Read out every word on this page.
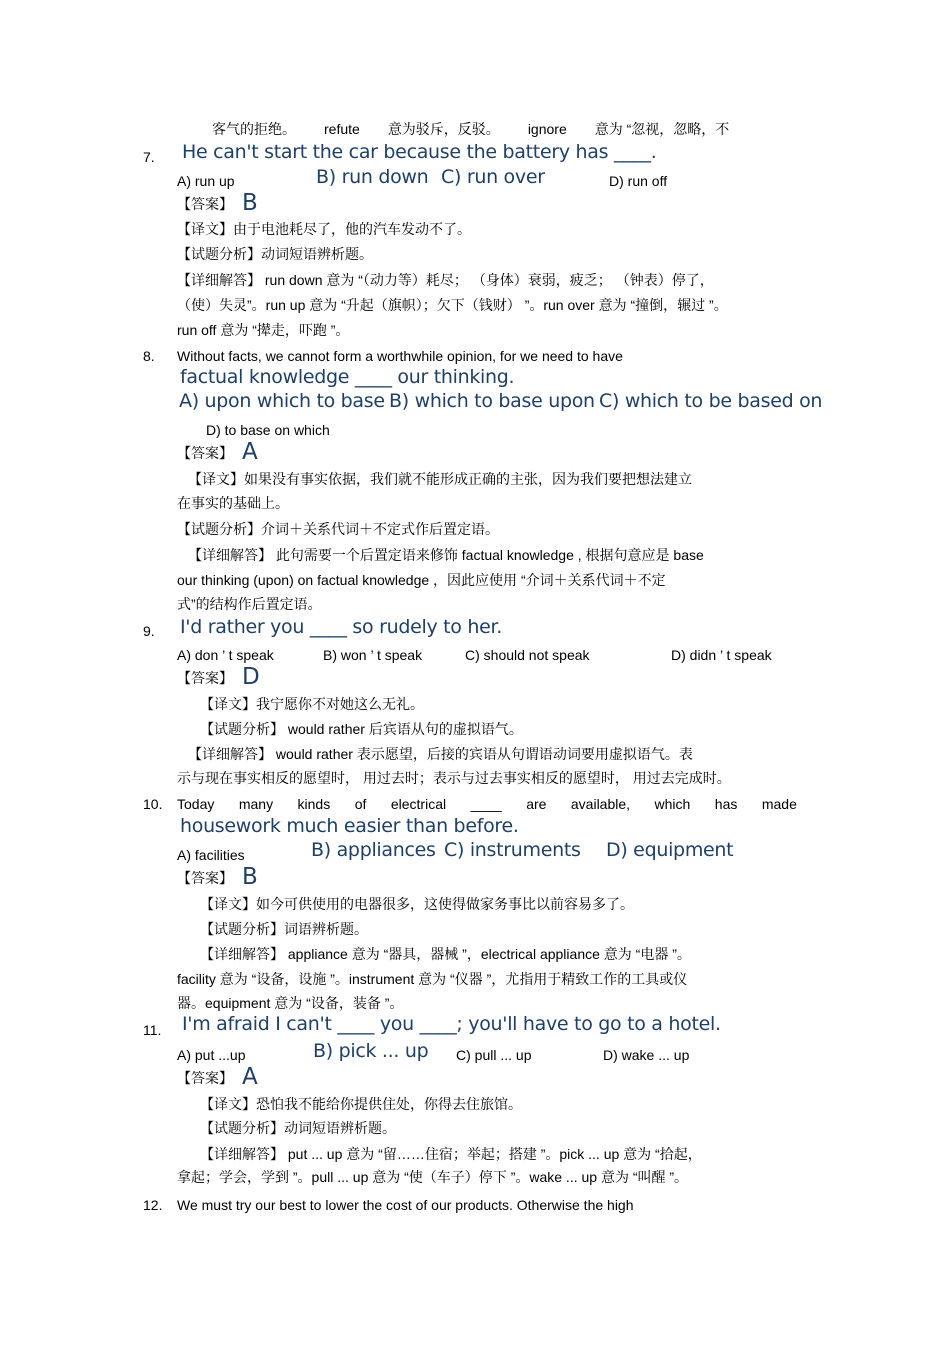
客气的拒绝。 refute 意为驳斥，反驳。 ignore 意为 “忽视，忽略，不
7. He can't start the car because the battery has ____.
A) run up	B) run down C) run over	D) run off
【答案】 B
【译文】由于电池耗尽了，他的汽车发动不了。
【试题分析】动词短语辨析题。
【详细解答】 run down 意为 “（动力等）耗尽； （身体）衰弱，疲乏； （钟表）停了，
（使）失灵”。run up 意为 “升起（旗帜）；欠下（钱财） ”。run over 意为 “撞倒，辗过 ”。
run off 意为 “撵走，吓跑 ”。
8. Without facts, we cannot form a worthwhile opinion, for we need to have
factual knowledge ____ our thinking.
A) upon which to base B) which to base upon C) which to be based on
D) to base on which
【答案】 A
【译文】如果没有事实依据，我们就不能形成正确的主张，因为我们要把想法建立
在事实的基础上。
【试题分析】介词＋关系代词＋不定式作后置定语。
【详细解答】 此句需要一个后置定语来修饰 factual knowledge , 根据句意应是 base
our thinking (upon) on factual knowledge ，因此应使用 “介词＋关系代词＋不定
式”的结构作后置定语。
9. I'd rather you ____ so rudely to her.
A) don ’ t speak	B) won ’ t speak	C) should not speak	D) didn ’ t speak
【答案】 D
【译文】我宁愿你不对她这么无礼。
【试题分析】 would rather 后宾语从句的虚拟语气。
【详细解答】 would rather 表示愿望，后接的宾语从句谓语动词要用虚拟语气。表
示与现在事实相反的愿望时， 用过去时；表示与过去事实相反的愿望时， 用过去完成时。
10. Today many kinds of electrical ____ are available, which has made
housework much easier than before.
A) facilities	B) appliances C) instruments D) equipment
【答案】 B
【译文】如今可供使用的电器很多，这使得做家务事比以前容易多了。
【试题分析】词语辨析题。
【详细解答】 appliance 意为 “器具，器械 ”，electrical appliance 意为 “电器 ”。
facility 意为 “设备，设施 ”。instrument 意为 “仪器 ”，尤指用于精致工作的工具或仪
器。equipment 意为 “设备，装备 ”。
11. I'm afraid I can't ____ you ____; you'll have to go to a hotel.
A) put ...up	B) pick ... up C) pull ... up	D) wake ... up
【答案】 A
【译文】恐怕我不能给你提供住处，你得去住旅馆。
【试题分析】动词短语辨析题。
【详细解答】 put ... up 意为 “留……住宿；举起；搭建 ”。pick ... up 意为 “拾起，
拿起；学会，学到 ”。pull ... up 意为 “使（车子）停下 ”。wake ... up 意为 “叫醒 ”。
12. We must try our best to lower the cost of our products. Otherwise the high
